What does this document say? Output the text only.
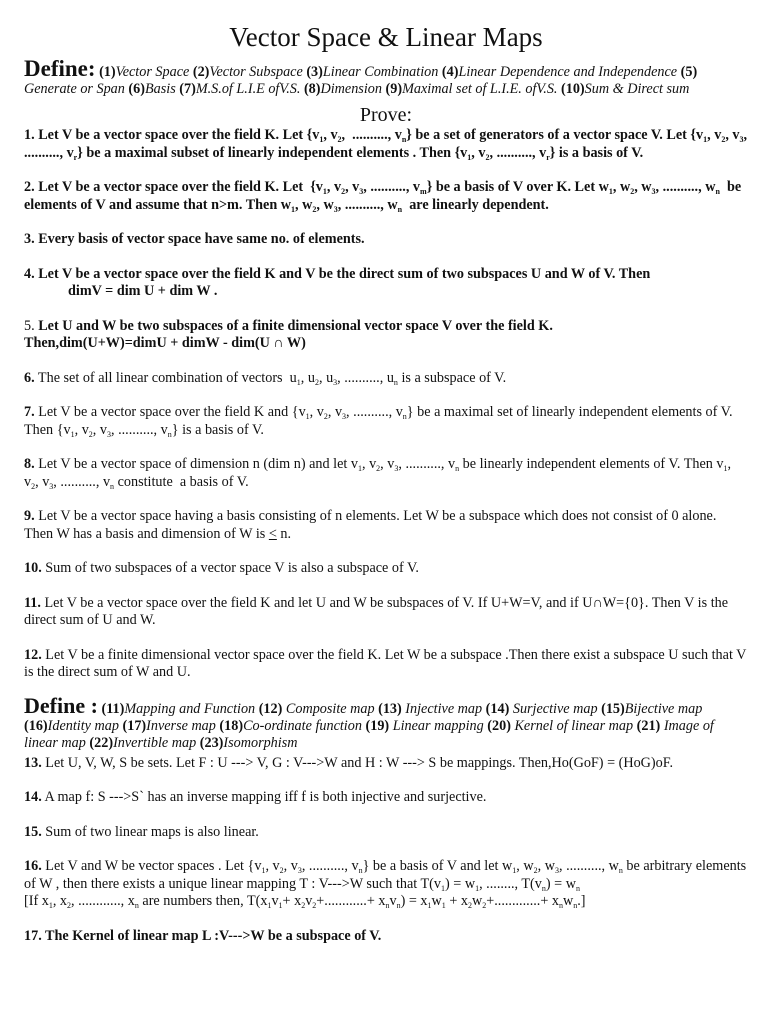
Vector Space & Linear Maps

Define: (1)Vector Space (2)Vector Subspace (3)Linear Combination (4)Linear Dependence and Independence (5) Generate or Span (6)Basis (7)M.S.of L.I.E ofV.S. (8)Dimension (9)Maximal set of L.I.E. ofV.S. (10)Sum & Direct sum

Prove:

1. Let V be a vector space over the field K. Let {$v_1$, $v_2$,  .........., $v_n$} be a set of generators of a vector space V. Let {$v_1$, $v_2$, $v_3$, .........., $v_r$} be a maximal subset of linearly independent elements . Then {$v_1$, $v_2$, .........., $v_r$} is a basis of V.

2. Let V be a vector space over the field K. Let  {$v_1$, $v_2$, $v_3$, .........., $v_m$} be a basis of V over K. Let $w_1$, $w_2$, $w_3$, .........., $w_n$  be elements of V and assume that n>m. Then $w_1$, $w_2$, $w_3$, .........., $w_n$  are linearly dependent.

3. Every basis of vector space have same no. of elements.

4. Let V be a vector space over the field K and V be the direct sum of two subspaces U and W of V. Then
dimV = dim U + dim W .

5. Let U and W be two subspaces of a finite dimensional vector space V over the field K.
Then,dim(U+W)=dimU + dimW - dim(U ∩ W)

6. The set of all linear combination of vectors  $u_1$, $u_2$, $u_3$, .........., $u_n$ is a subspace of V.

7. Let V be a vector space over the field K and {$v_1$, $v_2$, $v_3$, .........., $v_n$} be a maximal set of linearly independent elements of V. Then {$v_1$, $v_2$, $v_3$, .........., $v_n$} is a basis of V.

8. Let V be a vector space of dimension n (dim n) and let $v_1$, $v_2$, $v_3$, .........., $v_n$ be linearly independent elements of V. Then $v_1$, $v_2$, $v_3$, .........., $v_n$ constitute  a basis of V.

9. Let V be a vector space having a basis consisting of n elements. Let W be a subspace which does not consist of 0 alone. Then W has a basis and dimension of W is < n.

10. Sum of two subspaces of a vector space V is also a subspace of V.

11. Let V be a vector space over the field K and let U and W be subspaces of V. If U+W=V, and if U∩W={0}. Then V is the direct sum of U and W.

12. Let V be a finite dimensional vector space over the field K. Let W be a subspace .Then there exist a subspace U such that V is the direct sum of W and U.

Define : (11)Mapping and Function (12) Composite map (13) Injective map (14) Surjective map (15)Bijective map (16)Identity map (17)Inverse map (18)Co-ordinate function (19) Linear mapping (20) Kernel of linear map (21) Image of linear map (22)Invertible map (23)Isomorphism

13. Let U, V, W, S be sets. Let F : U ---> V, G : V--->W and H : W ---> S be mappings. Then,Ho(GoF) = (HoG)oF.

14. A map f: S --->S` has an inverse mapping iff f is both injective and surjective.

15. Sum of two linear maps is also linear.

16. Let V and W be vector spaces . Let {$v_1$, $v_2$, $v_3$, .........., $v_n$} be a basis of V and let $w_1$, $w_2$, $w_3$, .........., $w_n$ be arbitrary elements of W , then there exists a unique linear mapping T : V--->W such that $T(v_1) = w_1$, ........, $T(v_n) = w_n$
[If $x_1$, $x_2$, ............, $x_n$ are numbers then, $T(x_1v_1+ x_2v_2+............+ x_nv_n) = x_1w_1 + x_2w_2+.............+ x_nw_n$.]

17. The Kernel of linear map L :V--->W be a subspace of V.
